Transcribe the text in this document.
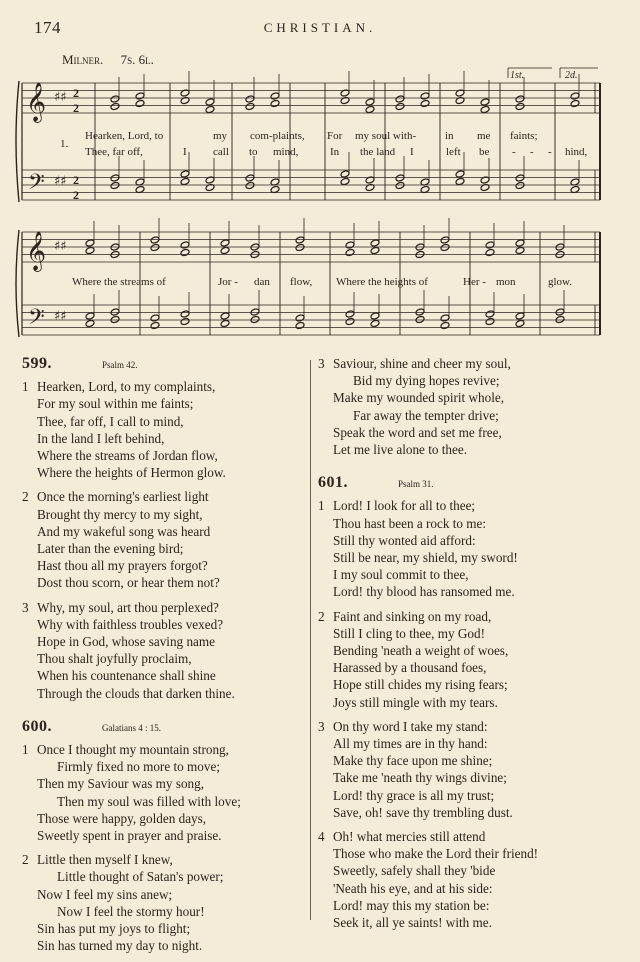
174	CHRISTIAN.
Milner. 7s. 6l.
𝄞
𝄢
♯♯
♯♯
2
2
2
2
𝄞
𝄢
♯♯
♯♯
1.
1st.	2d.
Hearken, Lord, to	my com-plaints, For my soul with-	in me faints;
Thee, far off,	I call to mind,	In the land I	left be - - - hind,
Where the streams of	Jor - dan flow, Where the heights of	Her - mon	glow.
599.	Psalm 42.
1 Hearken, Lord, to my complaints,
For my soul within me faints;
Thee, far off, I call to mind,
In the land I left behind,
Where the streams of Jordan flow,
Where the heights of Hermon glow.
2 Once the morning's earliest light
Brought thy mercy to my sight,
And my wakeful song was heard
Later than the evening bird;
Hast thou all my prayers forgot?
Dost thou scorn, or hear them not?
3 Why, my soul, art thou perplexed?
Why with faithless troubles vexed?
Hope in God, whose saving name
Thou shalt joyfully proclaim,
When his countenance shall shine
Through the clouds that darken thine.
600.	Galatians 4 : 15.
1 Once I thought my mountain strong,
Firmly fixed no more to move;
Then my Saviour was my song,
Then my soul was filled with love;
Those were happy, golden days,
Sweetly spent in prayer and praise.
2 Little then myself I knew,
Little thought of Satan's power;
Now I feel my sins anew;
Now I feel the stormy hour!
Sin has put my joys to flight;
Sin has turned my day to night.
3 Saviour, shine and cheer my soul,
Bid my dying hopes revive;
Make my wounded spirit whole,
Far away the tempter drive;
Speak the word and set me free,
Let me live alone to thee.
601.	Psalm 31.
1 Lord! I look for all to thee;
Thou hast been a rock to me:
Still thy wonted aid afford:
Still be near, my shield, my sword!
I my soul commit to thee,
Lord! thy blood has ransomed me.
2 Faint and sinking on my road,
Still I cling to thee, my God!
Bending 'neath a weight of woes,
Harassed by a thousand foes,
Hope still chides my rising fears;
Joys still mingle with my tears.
3 On thy word I take my stand:
All my times are in thy hand:
Make thy face upon me shine;
Take me 'neath thy wings divine;
Lord! thy grace is all my trust;
Save, oh! save thy trembling dust.
4 Oh! what mercies still attend
Those who make the Lord their friend!
Sweetly, safely shall they 'bide
'Neath his eye, and at his side:
Lord! may this my station be:
Seek it, all ye saints! with me.
